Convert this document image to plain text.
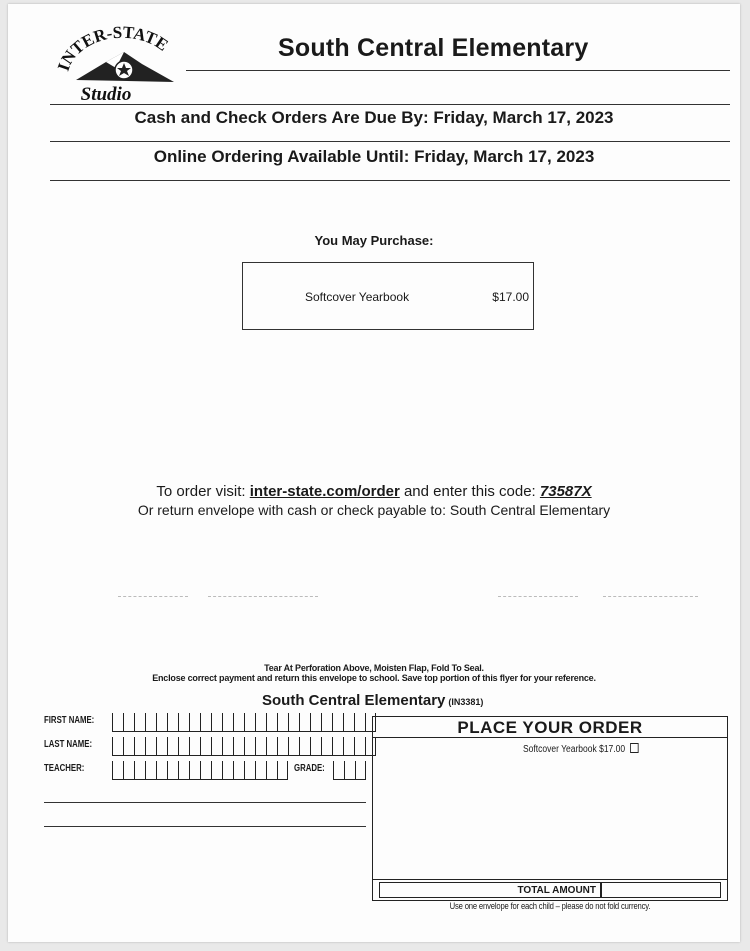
INTER-STATE
Studio
South Central Elementary
Cash and Check Orders Are Due By: Friday, March 17, 2023
Online Ordering Available Until: Friday, March 17, 2023
You May Purchase:
Softcover Yearbook	$17.00
To order visit: inter-state.com/order and enter this code: 73587X
Or return envelope with cash or check payable to: South Central Elementary
Tear At Perforation Above, Moisten Flap, Fold To Seal.
Enclose correct payment and return this envelope to school. Save top portion of this flyer for your reference.
South Central Elementary (IN3381)
FIRST NAME:
LAST NAME:
TEACHER:	GRADE:
PLACE YOUR ORDER
Softcover Yearbook $17.00
TOTAL AMOUNT
Use one envelope for each child – please do not fold currency.
